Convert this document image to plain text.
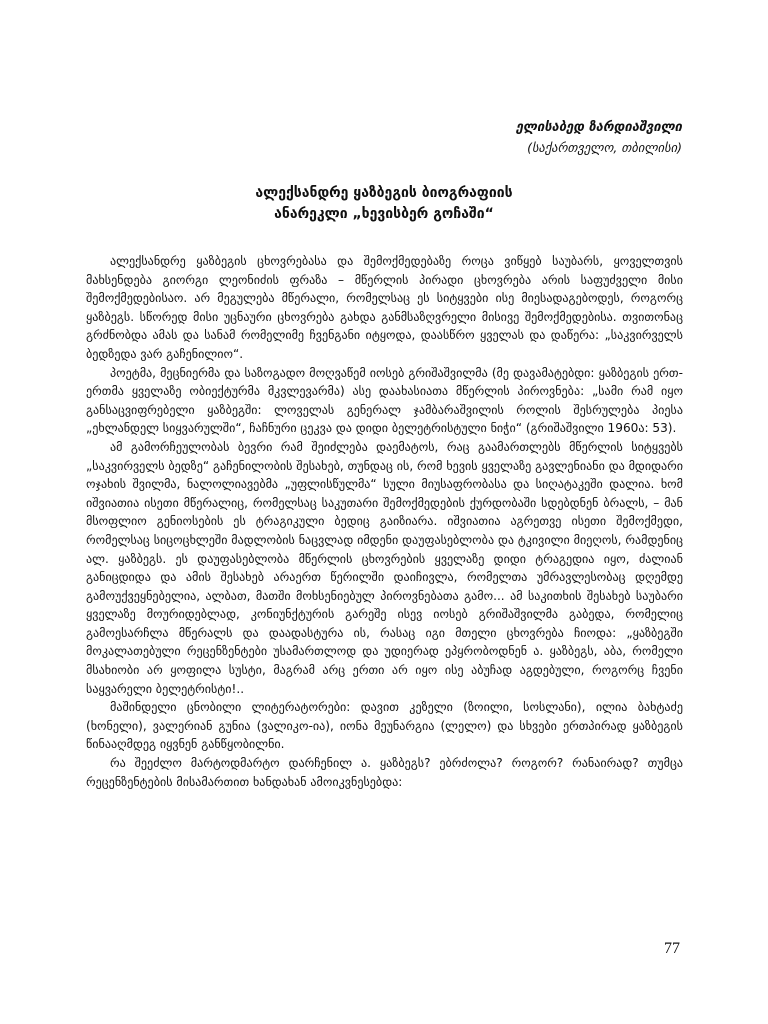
ელისაბედ ზარდიაშვილი
(საქართველო, თბილისი)
ალექსანდრე ყაზბეგის ბიოგრაფიის
ანარეკლი „ხევისბერ გოჩაში“

ალექსანდრე ყაზბეგის ცხოვრებასა და შემოქმედებაზე როცა ვიწყებ საუბარს, ყოველთვის მახსენდება გიორგი ლეონიძის ფრაზა – მწერლის პირადი ცხოვრება არის საფუძველი მისი შემოქმედებისაო. არ მეგულება მწერალი, რომელსაც ეს სიტყვები ისე მიესადაგებოდეს, როგორც ყაზბეგს. სწორედ მისი უცნაური ცხოვრება გახდა განმსაზღვრელი მისივე შემოქმედებისა. თვითონაც გრძნობდა ამას და სანამ რომელიმე ჩვენგანი იტყოდა, დაასწრო ყველას და დაწერა: „საკვირველს ბედზედა ვარ გაჩენილიო“.

პოეტმა, მეცნიერმა და საზოგადო მოღვაწემ იოსებ გრიშაშვილმა (მე დავამატებდი: ყაზბეგის ერთ-ერთმა ყველაზე ობიექტურმა მკვლევარმა) ასე დაახასიათა მწერლის პიროვნება: „სამი რამ იყო განსაცვიფრებელი ყაზბეგში: ლოველას გენერალ ჯამბარაშვილის როლის შესრულება პიესა „ეხლანდელ სიყვარულში“, ჩაჩნური ცეკვა და დიდი ბელეტრისტული ნიჭი“ (გრიშაშვილი 1960ა: 53).

ამ გამორჩეულობას ბევრი რამ შეიძლება დაემატოს, რაც გაამართლებს მწერლის სიტყვებს „საკვირველს ბედზე“ გაჩენილობის შესახებ, თუნდაც ის, რომ ხევის ყველაზე გავლენიანი და მდიდარი ოჯახის შვილმა, ნალოლიავებმა „უფლისწულმა“ სული მიუსაფრობასა და სიღატაკეში დალია. ხომ იშვიათია ისეთი მწერალიც, რომელსაც საკუთარი შემოქმედების ქურდობაში სდებდნენ ბრალს, – მან მსოფლიო გენიოსების ეს ტრაგიკული ბედიც გაიზიარა. იშვიათია აგრეთვე ისეთი შემოქმედი, რომელსაც სიცოცხლეში მადლობის ნაცვლად იმდენი დაუფასებლობა და ტკივილი მიეღოს, რამდენიც ალ. ყაზბეგს. ეს დაუფასებლობა მწერლის ცხოვრების ყველაზე დიდი ტრაგედია იყო, ძალიან განიცდიდა და ამის შესახებ არაერთ წერილში დაიჩივლა, რომელთა უმრავლესობაც დღემდე გამოუქვეყნებელია, ალბათ, მათში მოხსენიებულ პიროვნებათა გამო... ამ საკითხის შესახებ საუბარი ყველაზე მოურიდებლად, კონიუნქტურის გარეშე ისევ იოსებ გრიშაშვილმა გაბედა, რომელიც გამოესარჩლა მწერალს და დაადასტურა ის, რასაც იგი მთელი ცხოვრება ჩიოდა: „ყაზბეგში მოკალათებული რეცენზენტები უსამართლოდ და უდიერად ეპყრობოდნენ ა. ყაზბეგს, აბა, რომელი მსახიობი არ ყოფილა სუსტი, მაგრამ არც ერთი არ იყო ისე აბუჩად აგდებული, როგორც ჩვენი საყვარელი ბელეტრისტი!..

მაშინდელი ცნობილი ლიტერატორები: დავით კეზელი (ზოილი, სოსლანი), ილია ბახტაძე (ხონელი), ვალერიან გუნია (ვალიკო-ია), იონა მეუნარგია (ლელო) და სხვები ერთპირად ყაზბეგის წინააღმდეგ იყვნენ განწყობილნი.

რა შეეძლო მარტოდმარტო დარჩენილ ა. ყაზბეგს? ებრძოლა? როგორ? რანაირად? თუმცა რეცენზენტების მისამართით ხანდახან ამოიკვნესებდა:

77
